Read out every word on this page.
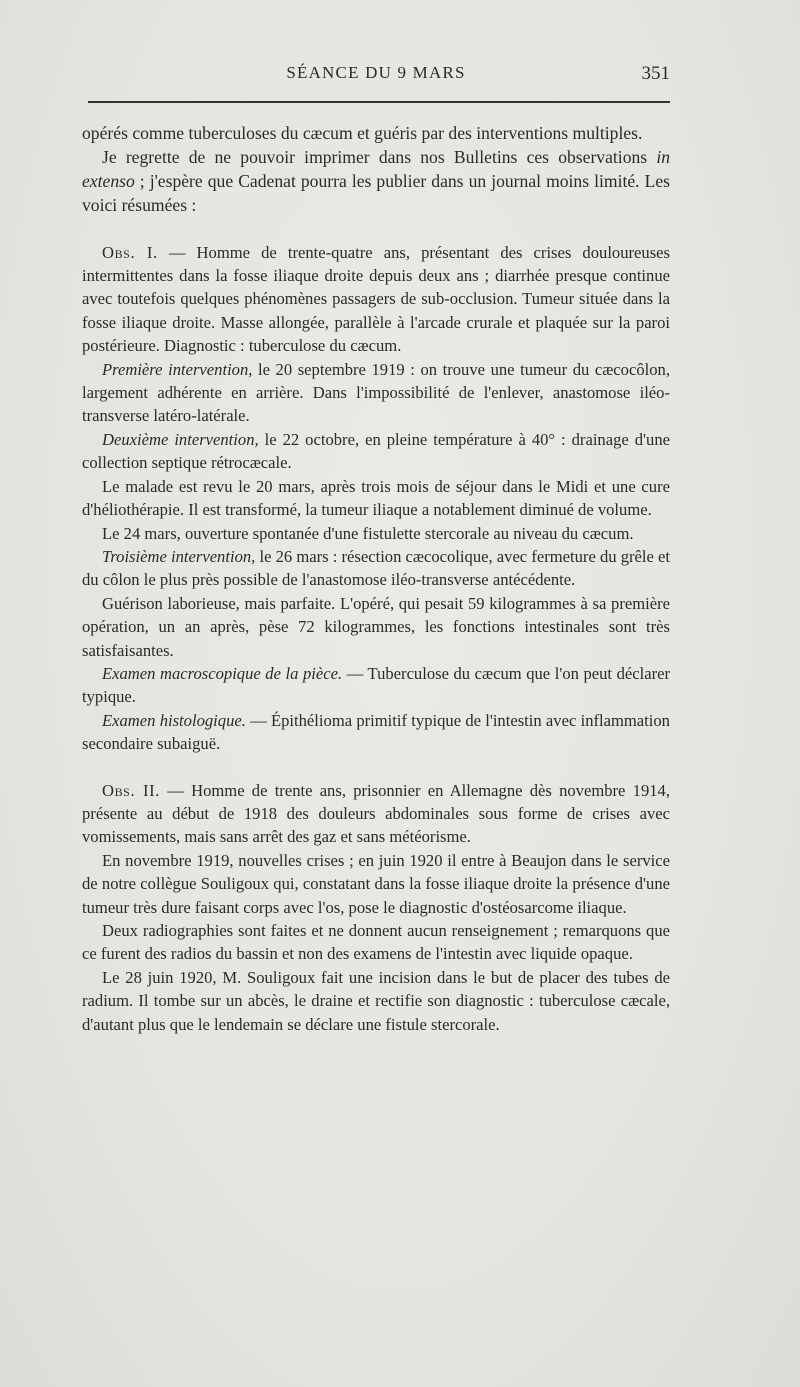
SÉANCE DU 9 MARS	351

opérés comme tuberculoses du cæcum et guéris par des interventions multiples.

Je regrette de ne pouvoir imprimer dans nos Bulletins ces observations in extenso ; j'espère que Cadenat pourra les publier dans un journal moins limité. Les voici résumées :

Obs. I. — Homme de trente-quatre ans, présentant des crises douloureuses intermittentes dans la fosse iliaque droite depuis deux ans ; diarrhée presque continue avec toutefois quelques phénomènes passagers de sub-occlusion. Tumeur située dans la fosse iliaque droite. Masse allongée, parallèle à l'arcade crurale et plaquée sur la paroi postérieure. Diagnostic : tuberculose du cæcum.

Première intervention, le 20 septembre 1919 : on trouve une tumeur du cæcocôlon, largement adhérente en arrière. Dans l'impossibilité de l'enlever, anastomose iléo-transverse latéro-latérale.

Deuxième intervention, le 22 octobre, en pleine température à 40° : drainage d'une collection septique rétrocæcale.

Le malade est revu le 20 mars, après trois mois de séjour dans le Midi et une cure d'héliothérapie. Il est transformé, la tumeur iliaque a notablement diminué de volume.

Le 24 mars, ouverture spontanée d'une fistulette stercorale au niveau du cæcum.

Troisième intervention, le 26 mars : résection cæcocolique, avec fermeture du grêle et du côlon le plus près possible de l'anastomose iléo-transverse antécédente.

Guérison laborieuse, mais parfaite. L'opéré, qui pesait 59 kilogrammes à sa première opération, un an après, pèse 72 kilogrammes, les fonctions intestinales sont très satisfaisantes.

Examen macroscopique de la pièce. — Tuberculose du cæcum que l'on peut déclarer typique.

Examen histologique. — Épithélioma primitif typique de l'intestin avec inflammation secondaire subaiguë.

Obs. II. — Homme de trente ans, prisonnier en Allemagne dès novembre 1914, présente au début de 1918 des douleurs abdominales sous forme de crises avec vomissements, mais sans arrêt des gaz et sans météorisme.

En novembre 1919, nouvelles crises ; en juin 1920 il entre à Beaujon dans le service de notre collègue Souligoux qui, constatant dans la fosse iliaque droite la présence d'une tumeur très dure faisant corps avec l'os, pose le diagnostic d'ostéosarcome iliaque.

Deux radiographies sont faites et ne donnent aucun renseignement ; remarquons que ce furent des radios du bassin et non des examens de l'intestin avec liquide opaque.

Le 28 juin 1920, M. Souligoux fait une incision dans le but de placer des tubes de radium. Il tombe sur un abcès, le draine et rectifie son diagnostic : tuberculose cæcale, d'autant plus que le lendemain se déclare une fistule stercorale.
